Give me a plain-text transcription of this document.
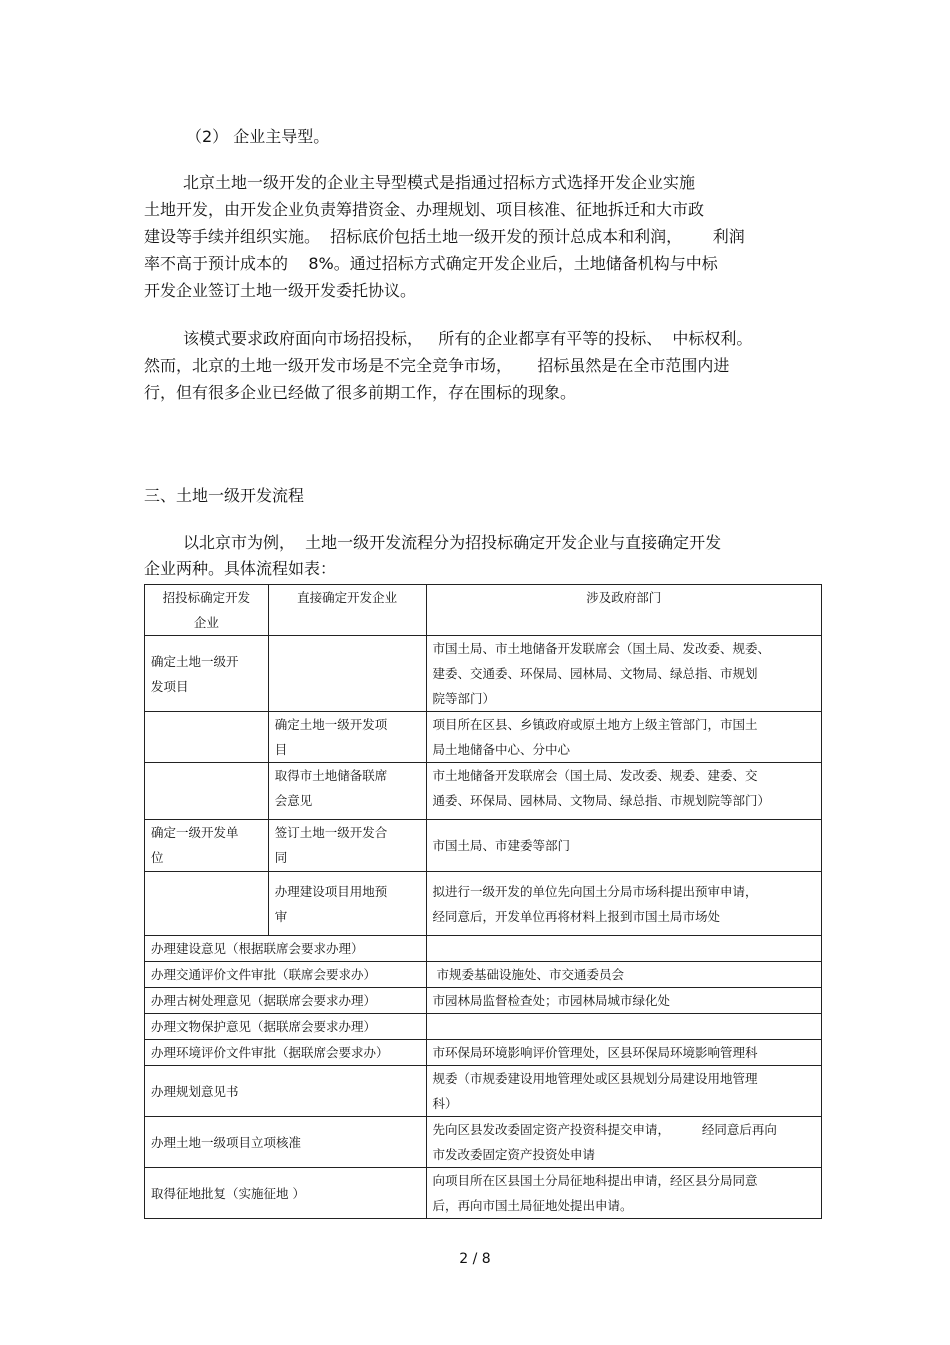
（2） 企业主导型。
北京土地一级开发的企业主导型模式是指通过招标方式选择开发企业实施
土地开发，由开发企业负责筹措资金、办理规划、项目核准、征地拆迁和大市政
建设等手续并组织实施。  招标底价包括土地一级开发的预计总成本和利润，      利润
率不高于预计成本的    8%。通过招标方式确定开发企业后，土地储备机构与中标
开发企业签订土地一级开发委托协议。
该模式要求政府面向市场招投标，   所有的企业都享有平等的投标、  中标权利。
然而，北京的土地一级开发市场是不完全竞争市场，     招标虽然是在全市范围内进
行，但有很多企业已经做了很多前期工作，存在围标的现象。
三、土地一级开发流程
以北京市为例，  土地一级开发流程分为招投标确定开发企业与直接确定开发
企业两种。具体流程如表：
招投标确定开发
企业	直接确定开发企业	涉及政府部门
确定土地一级开
发项目		市国土局、市土地储备开发联席会（国土局、发改委、规委、
建委、交通委、环保局、园林局、文物局、绿总指、市规划
院等部门）
	确定土地一级开发项
目	项目所在区县、乡镇政府或原土地方上级主管部门，市国土
局土地储备中心、分中心
	取得市土地储备联席
会意见	市土地储备开发联席会（国土局、发改委、规委、建委、交
通委、环保局、园林局、文物局、绿总指、市规划院等部门）
确定一级开发单
位	签订土地一级开发合
同	市国土局、市建委等部门
	办理建设项目用地预
审	拟进行一级开发的单位先向国土分局市场科提出预审申请，
经同意后，开发单位再将材料上报到市国土局市场处
办理建设意见（根据联席会要求办理）		
办理交通评价文件审批（联席会要求办）		市规委基础设施处、市交通委员会
办理古树处理意见（据联席会要求办理）		市园林局监督检查处；市园林局城市绿化处
办理文物保护意见（据联席会要求办理）		
办理环境评价文件审批（据联席会要求办）		市环保局环境影响评价管理处，区县环保局环境影响管理科
办理规划意见书		规委（市规委建设用地管理处或区县规划分局建设用地管理
科）
办理土地一级项目立项核准		先向区县发改委固定资产投资科提交申请，        经同意后再向
市发改委固定资产投资处申请
取得征地批复（实施征地 ）		向项目所在区县国土分局征地科提出申请，经区县分局同意
后，再向市国土局征地处提出申请。
2 / 8
